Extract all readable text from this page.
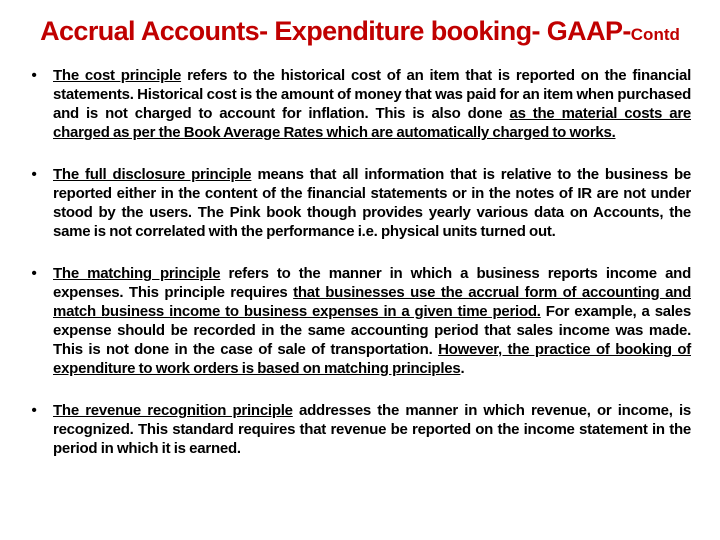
Accrual Accounts- Expenditure booking- GAAP-Contd
• The cost principle refers to the historical cost of an item that is reported on the financial statements. Historical cost is the amount of money that was paid for an item when purchased and is not charged to account for inflation. This is also done as the material costs are charged as per the Book Average Rates which are automatically charged to works.
• The full disclosure principle means that all information that is relative to the business be reported either in the content of the financial statements or in the notes of IR are not under stood by the users. The Pink book though provides yearly various data on Accounts, the same is not correlated with the performance i.e. physical units turned out.
• The matching principle refers to the manner in which a business reports income and expenses. This principle requires that businesses use the accrual form of accounting and match business income to business expenses in a given time period. For example, a sales expense should be recorded in the same accounting period that sales income was made. This is not done in the case of sale of transportation. However, the practice of booking of expenditure to work orders is based on matching principles.
• The revenue recognition principle addresses the manner in which revenue, or income, is recognized. This standard requires that revenue be reported on the income statement in the period in which it is earned.
